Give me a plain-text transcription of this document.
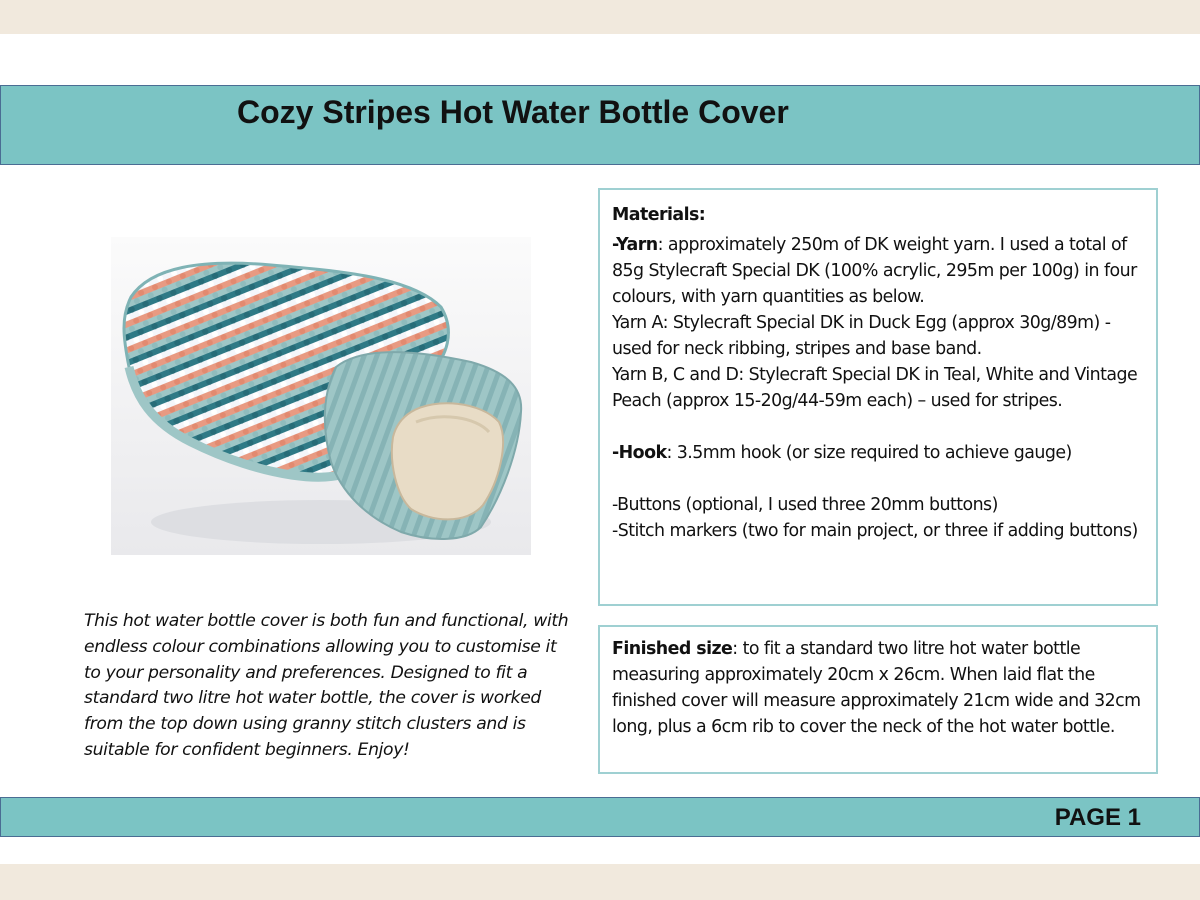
Cozy Stripes Hot Water Bottle Cover
This hot water bottle cover is both fun and functional, with endless colour combinations allowing you to customise it to your personality and preferences. Designed to fit a standard two litre hot water bottle, the cover is worked from the top down using granny stitch clusters and is suitable for confident beginners. Enjoy!

Materials:

-Yarn: approximately 250m of DK weight yarn. I used a total of 85g Stylecraft Special DK (100% acrylic, 295m per 100g) in four colours, with yarn quantities as below.

Yarn A: Stylecraft Special DK in Duck Egg (approx 30g/89m) - used for neck ribbing, stripes and base band.

Yarn B, C and D: Stylecraft Special DK in Teal, White and Vintage Peach (approx 15-20g/44-59m each) – used for stripes.

-Hook: 3.5mm hook (or size required to achieve gauge)

-Buttons (optional, I used three 20mm buttons)

-Stitch markers (two for main project, or three if adding buttons)

Finished size: to fit a standard two litre hot water bottle measuring approximately 20cm x 26cm. When laid flat the finished cover will measure approximately 21cm wide and 32cm long, plus a 6cm rib to cover the neck of the hot water bottle.

PAGE 1
